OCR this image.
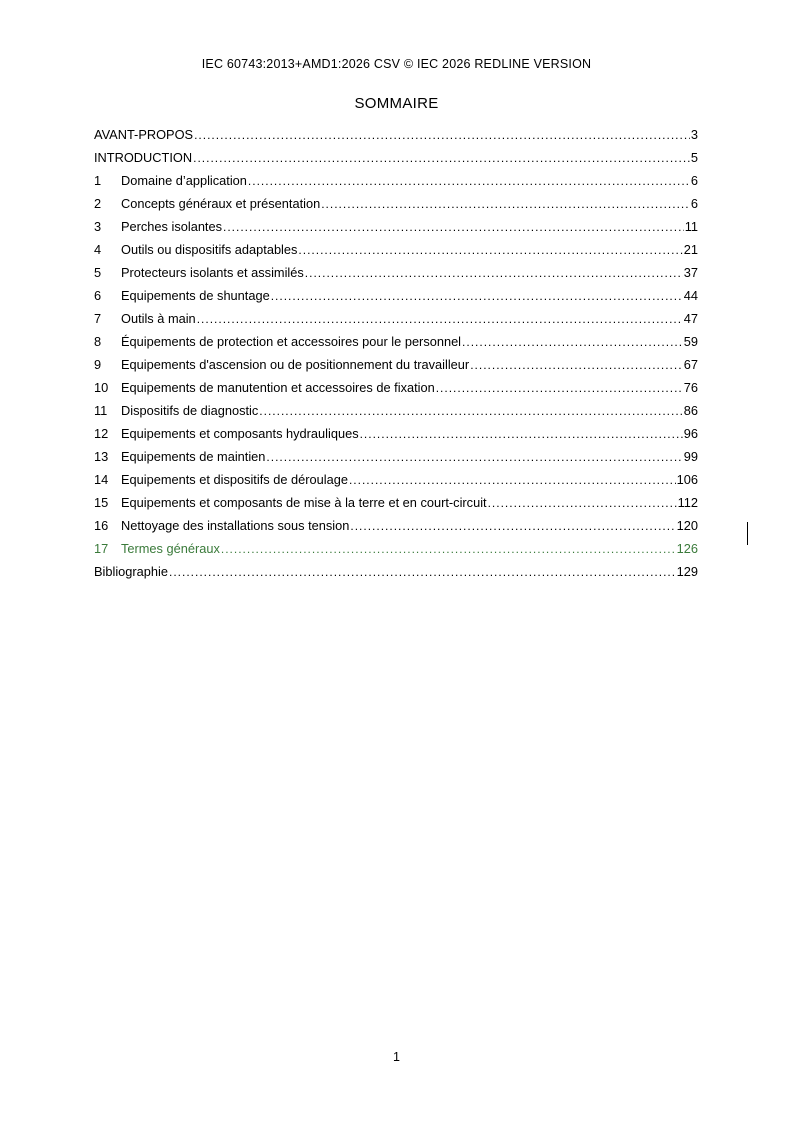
IEC 60743:2013+AMD1:2026 CSV © IEC 2026 REDLINE VERSION
SOMMAIRE
AVANT-PROPOS .....	3
INTRODUCTION .....	5
1	Domaine d’application .....	6
2	Concepts généraux et présentation .....	6
3	Perches isolantes .....	11
4	Outils ou dispositifs adaptables .....	21
5	Protecteurs isolants et assimilés .....	37
6	Equipements de shuntage .....	44
7	Outils à main .....	47
8	Équipements de protection et accessoires pour le personnel .....	59
9	Equipements d'ascension ou de positionnement du travailleur .....	67
10 Equipements de manutention et accessoires de fixation .....	76
11	Dispositifs de diagnostic .....	86
12 Equipements et composants hydrauliques .....	96
13 Equipements de maintien .....	99
14 Equipements et dispositifs de déroulage .....	106
15 Equipements et composants de mise à la terre et en court-circuit .....	112
16 Nettoyage des installations sous tension .....	120
17 Termes généraux .....	126
Bibliographie .....	129
1
